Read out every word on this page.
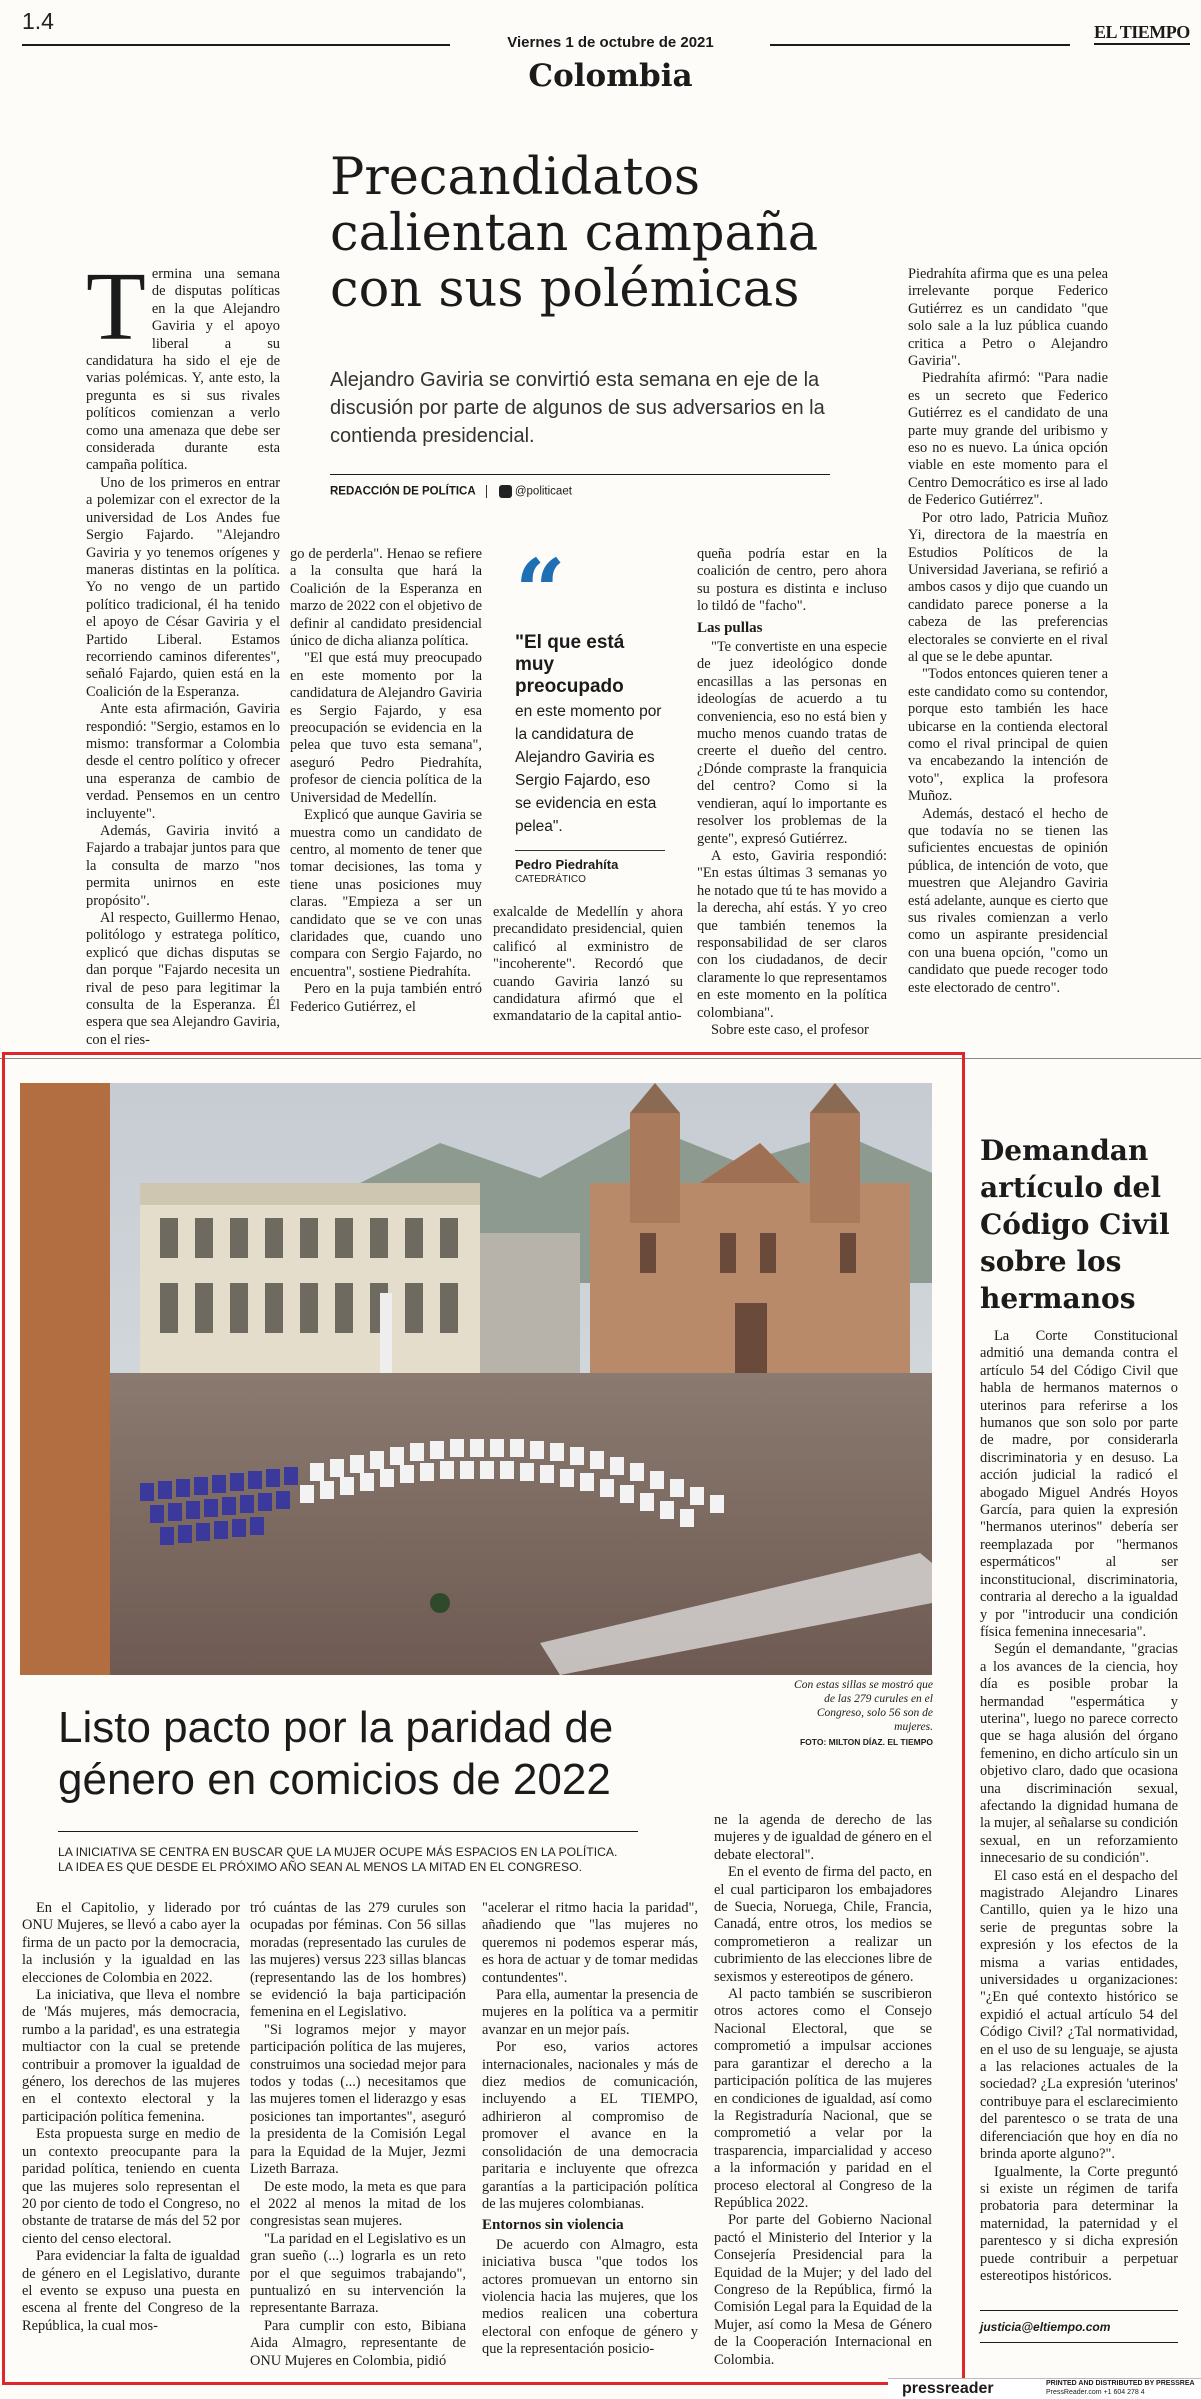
1.4
Viernes 1 de octubre de 2021
EL TIEMPO
Colombia
Precandidatos
calientan campaña
con sus polémicas
Alejandro Gaviria se convirtió esta semana en eje de la discusión por parte de algunos de sus adversarios en la contienda presidencial.
REDACCIÓN DE POLÍTICA	@politicaet
T ermina una semana de disputas políticas en la que Alejandro Gaviria y el apoyo liberal a su candidatura ha sido el eje de varias polémicas. Y, ante esto, la pregunta es si sus rivales políticos comienzan a verlo como una amenaza que debe ser considerada durante esta campaña política.

Uno de los primeros en entrar a polemizar con el exrector de la universidad de Los Andes fue Sergio Fajardo. "Alejandro Gaviria y yo tenemos orígenes y maneras distintas en la política. Yo no vengo de un partido político tradicional, él ha tenido el apoyo de César Gaviria y el Partido Liberal. Estamos recorriendo caminos diferentes", señaló Fajardo, quien está en la Coalición de la Esperanza.

Ante esta afirmación, Gaviria respondió: "Sergio, estamos en lo mismo: transformar a Colombia desde el centro político y ofrecer una esperanza de cambio de verdad. Pensemos en un centro incluyente".

Además, Gaviria invitó a Fajardo a trabajar juntos para que la consulta de marzo "nos permita unirnos en este propósito".

Al respecto, Guillermo Henao, politólogo y estratega político, explicó que dichas disputas se dan porque "Fajardo necesita un rival de peso para legitimar la consulta de la Esperanza. Él espera que sea Alejandro Gaviria, con el ries-

go de perderla". Henao se refiere a la consulta que hará la Coalición de la Esperanza en marzo de 2022 con el objetivo de definir al candidato presidencial único de dicha alianza política.

"El que está muy preocupado en este momento por la candidatura de Alejandro Gaviria es Sergio Fajardo, y esa preocupación se evidencia en la pelea que tuvo esta semana", aseguró Pedro Piedrahíta, profesor de ciencia política de la Universidad de Medellín.

Explicó que aunque Gaviria se muestra como un candidato de centro, al momento de tener que tomar decisiones, las toma y tiene unas posiciones muy claras. "Empieza a ser un candidato que se ve con unas claridades que, cuando uno compara con Sergio Fajardo, no encuentra", sostiene Piedrahíta.

Pero en la puja también entró Federico Gutiérrez, el

“
"El que está muy preocupado
en este momento por la candidatura de Alejandro Gaviria es Sergio Fajardo, eso se evidencia en esta pelea".
Pedro Piedrahíta
CATEDRÁTICO

exalcalde de Medellín y ahora precandidato presidencial, quien calificó al exministro de "incoherente". Recordó que cuando Gaviria lanzó su candidatura afirmó que el exmandatario de la capital antio-

queña podría estar en la coalición de centro, pero ahora su postura es distinta e incluso lo tildó de "facho".

Las pullas

"Te convertiste en una especie de juez ideológico donde encasillas a las personas en ideologías de acuerdo a tu conveniencia, eso no está bien y mucho menos cuando tratas de creerte el dueño del centro. ¿Dónde compraste la franquicia del centro? Como si la vendieran, aquí lo importante es resolver los problemas de la gente", expresó Gutiérrez.

A esto, Gaviria respondió: "En estas últimas 3 semanas yo he notado que tú te has movido a la derecha, ahí estás. Y yo creo que también tenemos la responsabilidad de ser claros con los ciudadanos, de decir claramente lo que representamos en este momento en la política colombiana".

Sobre este caso, el profesor

Piedrahíta afirma que es una pelea irrelevante porque Federico Gutiérrez es un candidato "que solo sale a la luz pública cuando critica a Petro o Alejandro Gaviria".

Piedrahíta afirmó: "Para nadie es un secreto que Federico Gutiérrez es el candidato de una parte muy grande del uribismo y eso no es nuevo. La única opción viable en este momento para el Centro Democrático es irse al lado de Federico Gutiérrez".

Por otro lado, Patricia Muñoz Yi, directora de la maestría en Estudios Políticos de la Universidad Javeriana, se refirió a ambos casos y dijo que cuando un candidato parece ponerse a la cabeza de las preferencias electorales se convierte en el rival al que se le debe apuntar.

"Todos entonces quieren tener a este candidato como su contendor, porque esto también les hace ubicarse en la contienda electoral como el rival principal de quien va encabezando la intención de voto", explica la profesora Muñoz.

Además, destacó el hecho de que todavía no se tienen las suficientes encuestas de opinión pública, de intención de voto, que muestren que Alejandro Gaviria está adelante, aunque es cierto que sus rivales comienzan a verlo como un aspirante presidencial con una buena opción, "como un candidato que puede recoger todo este electorado de centro".

Con estas sillas se mostró que de las 279 curules en el Congreso, solo 56 son de mujeres.
FOTO: MILTON DÍAZ. EL TIEMPO
Listo pacto por la paridad de
género en comicios de 2022
LA INICIATIVA SE CENTRA EN BUSCAR QUE LA MUJER OCUPE MÁS ESPACIOS EN LA POLÍTICA.
LA IDEA ES QUE DESDE EL PRÓXIMO AÑO SEAN AL MENOS LA MITAD EN EL CONGRESO.

En el Capitolio, y liderado por ONU Mujeres, se llevó a cabo ayer la firma de un pacto por la democracia, la inclusión y la igualdad en las elecciones de Colombia en 2022.

La iniciativa, que lleva el nombre de 'Más mujeres, más democracia, rumbo a la paridad', es una estrategia multiactor con la cual se pretende contribuir a promover la igualdad de género, los derechos de las mujeres en el contexto electoral y la participación política femenina.

Esta propuesta surge en medio de un contexto preocupante para la paridad política, teniendo en cuenta que las mujeres solo representan el 20 por ciento de todo el Congreso, no obstante de tratarse de más del 52 por ciento del censo electoral.

Para evidenciar la falta de igualdad de género en el Legislativo, durante el evento se expuso una puesta en escena al frente del Congreso de la República, la cual mos-

tró cuántas de las 279 curules son ocupadas por féminas. Con 56 sillas moradas (representado las curules de las mujeres) versus 223 sillas blancas (representando las de los hombres) se evidenció la baja participación femenina en el Legislativo.

"Si logramos mejor y mayor participación política de las mujeres, construimos una sociedad mejor para todos y todas (...) necesitamos que las mujeres tomen el liderazgo y esas posiciones tan importantes", aseguró la presidenta de la Comisión Legal para la Equidad de la Mujer, Jezmi Lizeth Barraza.

De este modo, la meta es que para el 2022 al menos la mitad de los congresistas sean mujeres.

"La paridad en el Legislativo es un gran sueño (...) lograrla es un reto por el que seguimos trabajando", puntualizó en su intervención la representante Barraza.

Para cumplir con esto, Bibiana Aida Almagro, representante de ONU Mujeres en Colombia, pidió

"acelerar el ritmo hacia la paridad", añadiendo que "las mujeres no queremos ni podemos esperar más, es hora de actuar y de tomar medidas contundentes".

Para ella, aumentar la presencia de mujeres en la política va a permitir avanzar en un mejor país.

Por eso, varios actores internacionales, nacionales y más de diez medios de comunicación, incluyendo a EL TIEMPO, adhirieron al compromiso de promover el avance en la consolidación de una democracia paritaria e incluyente que ofrezca garantías a la participación política de las mujeres colombianas.

Entornos sin violencia

De acuerdo con Almagro, esta iniciativa busca "que todos los actores promuevan un entorno sin violencia hacia las mujeres, que los medios realicen una cobertura electoral con enfoque de género y que la representación posicio-

ne la agenda de derecho de las mujeres y de igualdad de género en el debate electoral".

En el evento de firma del pacto, en el cual participaron los embajadores de Suecia, Noruega, Chile, Francia, Canadá, entre otros, los medios se comprometieron a realizar un cubrimiento de las elecciones libre de sexismos y estereotipos de género.

Al pacto también se suscribieron otros actores como el Consejo Nacional Electoral, que se comprometió a impulsar acciones para garantizar el derecho a la participación política de las mujeres en condiciones de igualdad, así como la Registraduría Nacional, que se comprometió a velar por la trasparencia, imparcialidad y acceso a la información y paridad en el proceso electoral al Congreso de la República 2022.

Por parte del Gobierno Nacional pactó el Ministerio del Interior y la Consejería Presidencial para la Equidad de la Mujer; y del lado del Congreso de la República, firmó la Comisión Legal para la Equidad de la Mujer, así como la Mesa de Género de la Cooperación Internacional en Colombia.

Demandan
artículo del
Código Civil
sobre los
hermanos

La Corte Constitucional admitió una demanda contra el artículo 54 del Código Civil que habla de hermanos maternos o uterinos para referirse a los humanos que son solo por parte de madre, por considerarla discriminatoria y en desuso. La acción judicial la radicó el abogado Miguel Andrés Hoyos García, para quien la expresión "hermanos uterinos" debería ser reemplazada por "hermanos espermáticos" al ser inconstitucional, discriminatoria, contraria al derecho a la igualdad y por "introducir una condición física femenina innecesaria".

Según el demandante, "gracias a los avances de la ciencia, hoy día es posible probar la hermandad "espermática y uterina", luego no parece correcto que se haga alusión del órgano femenino, en dicho artículo sin un objetivo claro, dado que ocasiona una discriminación sexual, afectando la dignidad humana de la mujer, al señalarse su condición sexual, en un reforzamiento innecesario de su condición".

El caso está en el despacho del magistrado Alejandro Linares Cantillo, quien ya le hizo una serie de preguntas sobre la expresión y los efectos de la misma a varias entidades, universidades u organizaciones: "¿En qué contexto histórico se expidió el actual artículo 54 del Código Civil? ¿Tal normatividad, en el uso de su lenguaje, se ajusta a las relaciones actuales de la sociedad? ¿La expresión 'uterinos' contribuye para el esclarecimiento del parentesco o se trata de una diferenciación que hoy en día no brinda aporte alguno?".

Igualmente, la Corte preguntó si existe un régimen de tarifa probatoria para determinar la maternidad, la paternidad y el parentesco y si dicha expresión puede contribuir a perpetuar estereotipos históricos.

justicia@eltiempo.com
pressreader	PRINTED AND DISTRIBUTED BY PRESSREA
PressReader.com +1 604 278 4
